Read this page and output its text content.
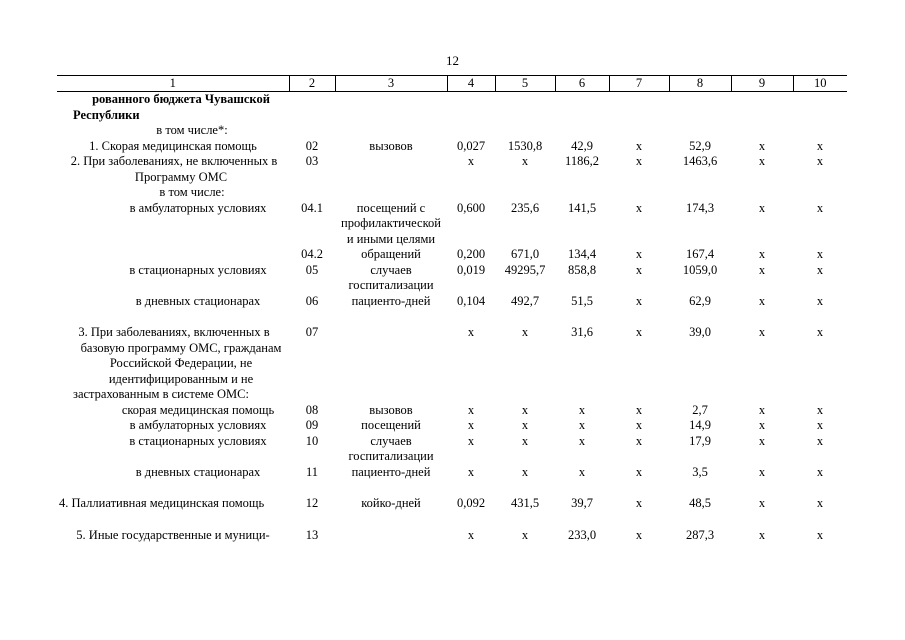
12
1	2	3	4	5	6	7	8	9	10
рованного бюджета Чувашской Республики									
в том числе*:									
1. Скорая медицинская помощь	02	вызовов	0,027	1530,8	42,9	х	52,9	х	х
2. При заболеваниях, не включенных в Программу ОМС	03		х	х	1186,2	х	1463,6	х	х
в том числе:									
в амбулаторных условиях	04.1	посещений с профилактической и иными целями	0,600	235,6	141,5	х	174,3	х	х
	04.2	обращений	0,200	671,0	134,4	х	167,4	х	х
в стационарных условиях	05	случаев госпитализации	0,019	49295,7	858,8	х	1059,0	х	х
в дневных стационарах	06	пациенто-дней	0,104	492,7	51,5	х	62,9	х	х

3. При заболеваниях, включенных в базовую программу ОМС, гражданам Российской Федерации, не идентифицированным и не застрахованным в системе ОМС:	07		х	х	31,6	х	39,0	х	х
скорая медицинская помощь	08	вызовов	х	х	х	х	2,7	х	х
в амбулаторных условиях	09	посещений	х	х	х	х	14,9	х	х
в стационарных условиях	10	случаев госпитализации	х	х	х	х	17,9	х	х
в дневных стационарах	11	пациенто-дней	х	х	х	х	3,5	х	х

4. Паллиативная медицинская помощь	12	койко-дней	0,092	431,5	39,7	х	48,5	х	х

5. Иные государственные и муници-	13		х	х	233,0	х	287,3	х	х
